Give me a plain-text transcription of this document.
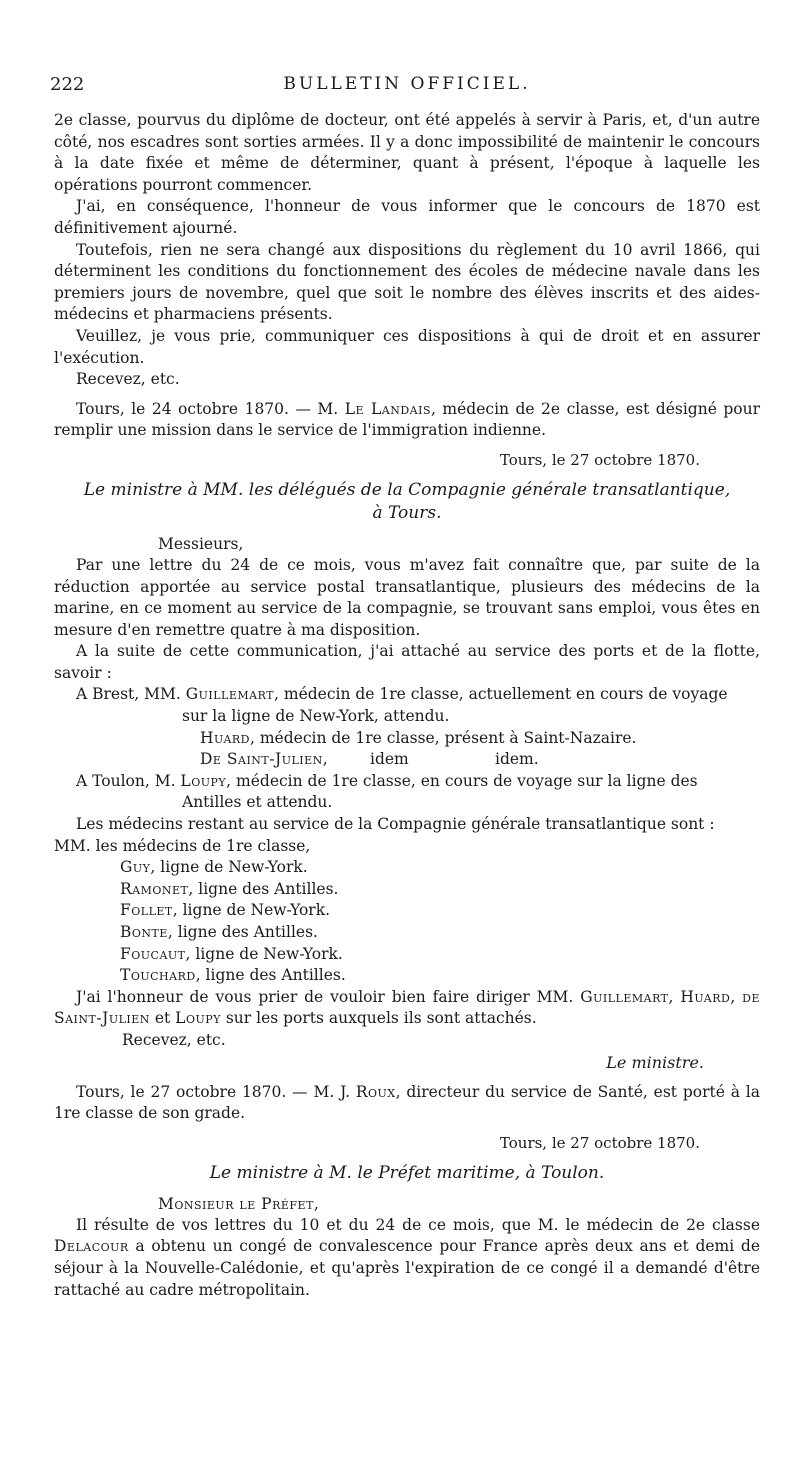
222	BULLETIN OFFICIEL.

2e classe, pourvus du diplôme de docteur, ont été appelés à servir à Paris, et, d'un autre côté, nos escadres sont sorties armées. Il y a donc impossibilité de maintenir le concours à la date fixée et même de déterminer, quant à présent, l'époque à laquelle les opérations pourront commencer.

J'ai, en conséquence, l'honneur de vous informer que le concours de 1870 est définitivement ajourné.

Toutefois, rien ne sera changé aux dispositions du règlement du 10 avril 1866, qui déterminent les conditions du fonctionnement des écoles de médecine navale dans les premiers jours de novembre, quel que soit le nombre des élèves inscrits et des aides-médecins et pharmaciens présents.

Veuillez, je vous prie, communiquer ces dispositions à qui de droit et en assurer l'exécution.

Recevez, etc.

Tours, le 24 octobre 1870. — M. Le Landais, médecin de 2e classe, est désigné pour remplir une mission dans le service de l'immigration indienne.

Tours, le 27 octobre 1870.

Le ministre à MM. les délégués de la Compagnie générale transatlantique,

à Tours.

Messieurs,

Par une lettre du 24 de ce mois, vous m'avez fait connaître que, par suite de la réduction apportée au service postal transatlantique, plusieurs des médecins de la marine, en ce moment au service de la compagnie, se trouvant sans emploi, vous êtes en mesure d'en remettre quatre à ma disposition.

A la suite de cette communication, j'ai attaché au service des ports et de la flotte, savoir :

A Brest, MM. Guillemart, médecin de 1re classe, actuellement en cours de voyage

sur la ligne de New-York, attendu.

Huard, médecin de 1re classe, présent à Saint-Nazaire.

De Saint-Julien,	idem	idem.

A Toulon, M. Loupy, médecin de 1re classe, en cours de voyage sur la ligne des

Antilles et attendu.

Les médecins restant au service de la Compagnie générale transatlantique sont :

MM. les médecins de 1re classe,

Guy, ligne de New-York.

Ramonet, ligne des Antilles.

Follet, ligne de New-York.

Bonte, ligne des Antilles.

Foucaut, ligne de New-York.

Touchard, ligne des Antilles.

J'ai l'honneur de vous prier de vouloir bien faire diriger MM. Guillemart, Huard, de Saint-Julien et Loupy sur les ports auxquels ils sont attachés.

Recevez, etc.

Le ministre.

Tours, le 27 octobre 1870. — M. J. Roux, directeur du service de Santé, est porté à la 1re classe de son grade.

Tours, le 27 octobre 1870.

Le ministre à M. le Préfet maritime, à Toulon.

Monsieur le Préfet,

Il résulte de vos lettres du 10 et du 24 de ce mois, que M. le médecin de 2e classe Delacour a obtenu un congé de convalescence pour France après deux ans et demi de séjour à la Nouvelle-Calédonie, et qu'après l'expiration de ce congé il a demandé d'être rattaché au cadre métropolitain.
